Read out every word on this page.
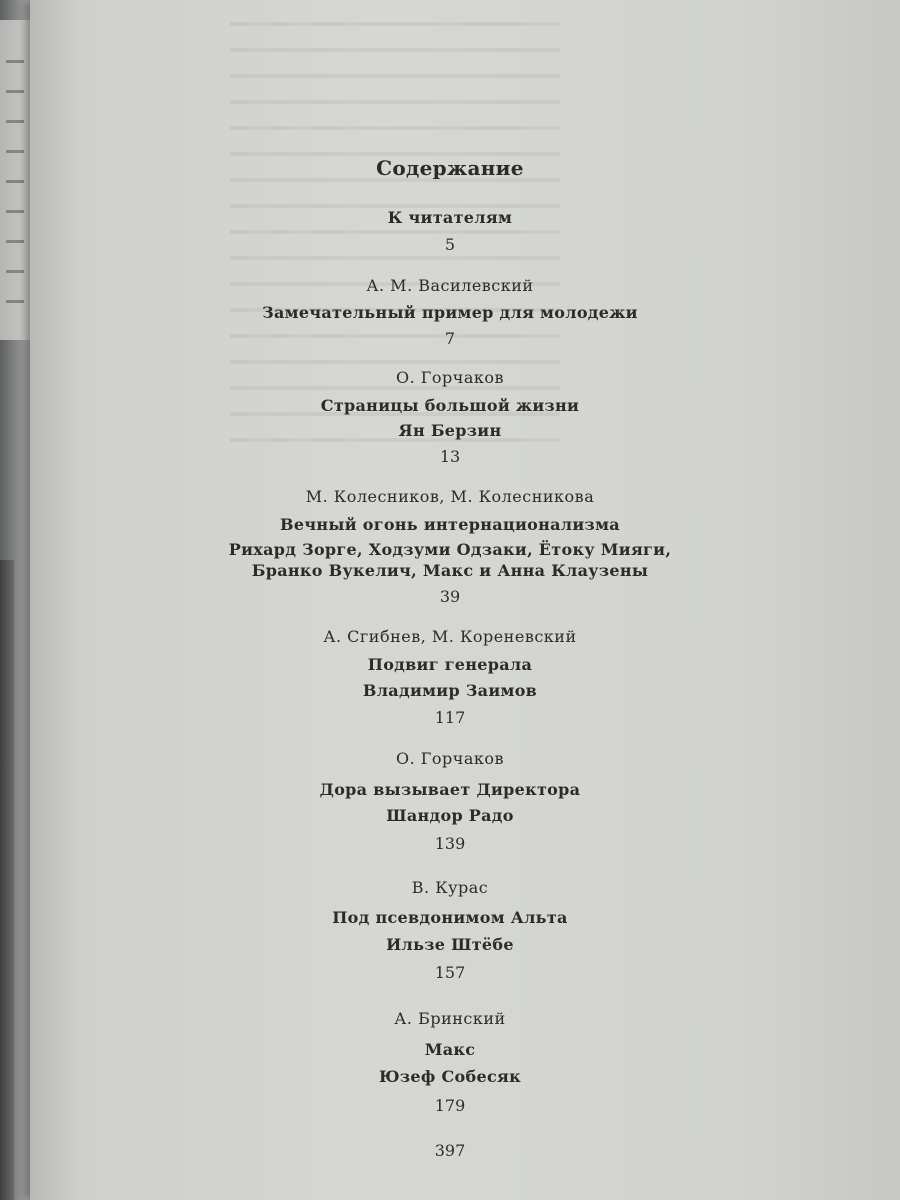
Содержание
К читателям
5
А. М. Василевский
Замечательный пример для молодежи
7
О. Горчаков
Страницы большой жизни
Ян Берзин
13
М. Колесников, М. Колесникова
Вечный огонь интернационализма
Рихард Зорге, Ходзуми Одзаки, Ётоку Мияги,
Бранко Вукелич, Макс и Анна Клаузены
39
А. Сгибнев, М. Кореневский
Подвиг генерала
Владимир Заимов
117
О. Горчаков
Дора вызывает Директора
Шандор Радо
139
В. Курас
Под псевдонимом Альта
Ильзе Штёбе
157
А. Бринский
Макс
Юзеф Собесяк
179
397
